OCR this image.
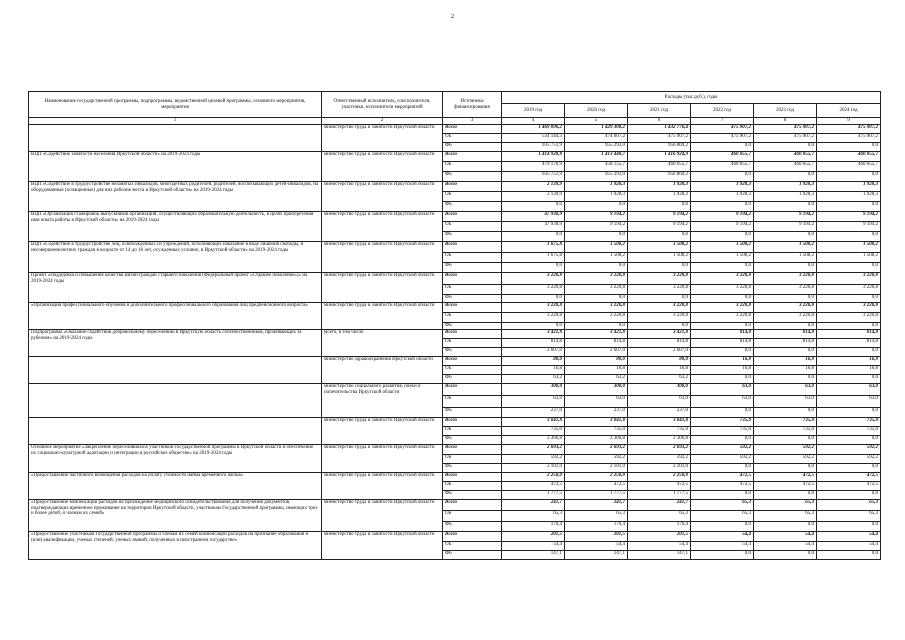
2
Наименование государственной программы, подпрограммы, ведомственной целевой программы, основного мероприятия, мероприятия	Ответственный исполнитель, соисполнители, участники, исполнители мероприятий	Источники финансирования	Расходы (тыс.руб.), годы					
			2019 год	2020 год	2021 год	2022 год	2023 год	2024 год
1	2	3	4	5	6	7	8	9
	министерство труда и занятости Иркутской области	Всего	1 469 896,2	1 429 300,2	1 432 776,4	475 907,2	475 907,2	475 907,2
		ОБ	534 144,3	474 007,2	475 907,2	475 907,2	475 907,2	475 907,2
		ФБ	935 751,9	955 293,0	956 869,2	0,0	0,0	0,0
ВЦП «Содействие занятости населения Иркутской области» на 2019-2024 годы	министерство труда и занятости Иркутской области	Всего	1 414 928,8	1 413 448,7	1 416 924,9	460 055,7	460 055,7	460 055,7
		ОБ	479 176,9	458 155,7	460 055,7	460 055,7	460 055,7	460 055,7
		ФБ	935 751,9	955 293,0	956 869,2	0,0	0,0	0,0
ВЦП «Содействие в трудоустройстве незанятых инвалидов, многодетных родителей, родителей, воспитывающих детей-инвалидов, на оборудованные (оснащенные) для них рабочие места в Иркутской области» на 2019-2024 годы	министерство труда и занятости Иркутской области	Всего	2 139,9	1 928,3	1 928,3	1 928,3	1 928,3	1 928,3
		ОБ	2 139,9	1 928,3	1 928,3	1 928,3	1 928,3	1 928,3
		ФБ	0,0	0,0	0,0	0,0	0,0	0,0
ВЦП «Организация стажировок выпускников организаций, осуществляющих образовательную деятельность, в целях приобретения ими опыта работы в Иркутской области» на 2019-2024 годы	министерство труда и занятости Иркутской области	Всего	47 930,9	9 194,2	9 194,2	9 194,2	9 194,2	9 194,2
		ОБ	47 930,9	9 194,2	9 194,2	9 194,2	9 194,2	9 194,2
		ФБ	0,0	0,0	0,0	0,0	0,0	0,0
ВЦП «Содействие в трудоустройстве лиц, освобожденных из учреждений, исполняющих наказание в виде лишения свободы, и несовершеннолетних граждан в возрасте от 14 до 18 лет, осужденных условно, в Иркутской области» на 2019-2024 годы	министерство труда и занятости Иркутской области	Всего	1 675,8	1 508,2	1 508,2	1 508,2	1 508,2	1 508,2
		ОБ	1 675,8	1 508,2	1 508,2	1 508,2	1 508,2	1 508,2
		ФБ	0,0	0,0	0,0	0,0	0,0	0,0
Проект «Поддержка и повышение качества жизни граждан старшего поколения (Федеральный проект «Старшее поколение»)» на 2019-2024 годы	министерство труда и занятости Иркутской области	Всего	3 220,8	3 220,8	3 220,8	3 220,8	3 220,8	3 220,8
		ОБ	3 220,8	3 220,8	3 220,8	3 220,8	3 220,8	3 220,8
		ФБ	0,0	0,0	0,0	0,0	0,0	0,0
«Организация профессионального обучения и дополнительного профессионального образования лиц предпенсионного возраста»	министерство труда и занятости Иркутской области	Всего	3 220,8	3 220,8	3 220,8	3 220,8	3 220,8	3 220,8
		ОБ	3 220,8	3 220,8	3 220,8	3 220,8	3 220,8	3 220,8
		ФБ	0,0	0,0	0,0	0,0	0,0	0,0
Подпрограмма «Оказание содействия добровольному переселению в Иркутскую область соотечественников, проживающих за рубежом» на 2019-2024 годы	Всего, в том числе	Всего	3 421,8	3 421,8	3 421,8	814,8	814,8	814,8
		ОБ	814,8	814,8	814,8	814,8	814,8	814,8
		ФБ	2 607,0	2 607,0	2 607,0	0,0	0,0	0,0
	министерство здравоохранения Иркутской области	Всего	80,0	80,0	80,0	16,8	16,8	16,8
		ОБ	16,8	16,8	16,8	16,8	16,8	16,8
		ФБ	63,2	63,2	63,2	0,0	0,0	0,0
	министерство социального развития, опеки и попечительства Иркутской области	Всего	300,0	300,0	300,0	63,0	63,0	63,0
		ОБ	63,0	63,0	63,0	63,0	63,0	63,0
		ФБ	237,0	237,0	237,0	0,0	0,0	0,0
	министерство труда и занятости Иркутской области	Всего	3 041,8	3 041,8	3 041,8	735,0	735,0	735,0
		ОБ	735,0	735,0	735,0	735,0	735,0	735,0
		ФБ	2 306,8	2 306,8	2 306,8	0,0	0,0	0,0
Основное мероприятие «Закрепление переселившихся участников Государственной программы в Иркутской области и обеспечение их социально-культурной адаптации и интеграции в российское общество» на 2019-2024 годы	министерство труда и занятости Иркутской области	Всего	2 693,2	2 693,2	2 693,2	592,2	592,2	592,2
		ОБ	592,2	592,2	592,2	592,2	592,2	592,2
		ФБ	2 101,0	2 101,0	2 101,0	0,0	0,0	0,0
«Предоставление частичного возмещения расходов на оплату стоимости найма временного жилья»	министерство труда и занятости Иркутской области	Всего	2 250,0	2 250,0	2 250,0	472,5	472,5	472,5
		ОБ	472,5	472,5	472,5	472,5	472,5	472,5
		ФБ	1 777,5	1 777,5	1 777,5	0,0	0,0	0,0
«Предоставление компенсации расходов на прохождение медицинского освидетельствования для получения документов, подтверждающих временное проживание на территории Иркутской области, участникам Государственной программы, имеющих трех и более детей, и членам их семей»	министерство труда и занятости Иркутской области	Всего	241,7	241,7	241,7	65,3	65,3	65,3
		ОБ	65,3	65,3	65,3	65,3	65,3	65,3
		ФБ	176,4	176,4	176,4	0,0	0,0	0,0
«Предоставление участникам Государственной программы и членам их семей компенсации расходов на признание образования и (или) квалификации, ученых степеней, ученых званий, полученных в иностранном государстве»	министерство труда и занятости Иркутской области	Всего	201,5	201,5	201,5	54,4	54,4	54,4
		ОБ	54,4	54,4	54,4	54,4	54,4	54,4
		ФБ	147,1	147,1	147,1	0,0	0,0	0,0
